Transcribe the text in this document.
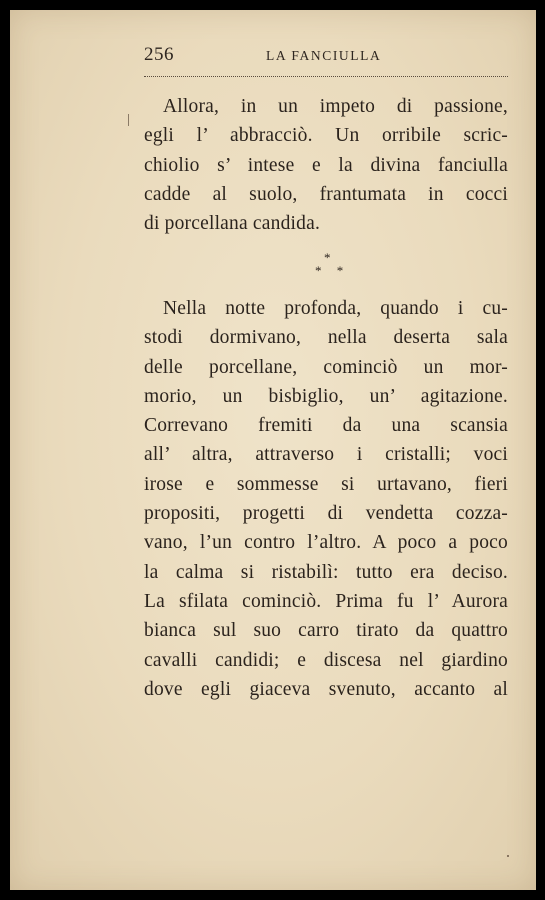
256	LA FANCIULLA
Allora, in un impeto di passione,
egli l’ abbracciò. Un orribile scric-
chiolio s’ intese e la divina fanciulla
cadde al suolo, frantumata in cocci
di porcellana candida.
*
* *
Nella notte profonda, quando i cu-
stodi dormivano, nella deserta sala
delle porcellane, cominciò un mor-
morio, un bisbiglio, un’ agitazione.
Correvano fremiti da una scansia
all’ altra, attraverso i cristalli; voci
irose e sommesse si urtavano, fieri
propositi, progetti di vendetta cozza-
vano, l’un contro l’altro. A poco a poco
la calma si ristabilì: tutto era deciso.
La sfilata cominciò. Prima fu l’ Aurora
bianca sul suo carro tirato da quattro
cavalli candidi; e discesa nel giardino
dove egli giaceva svenuto, accanto al
